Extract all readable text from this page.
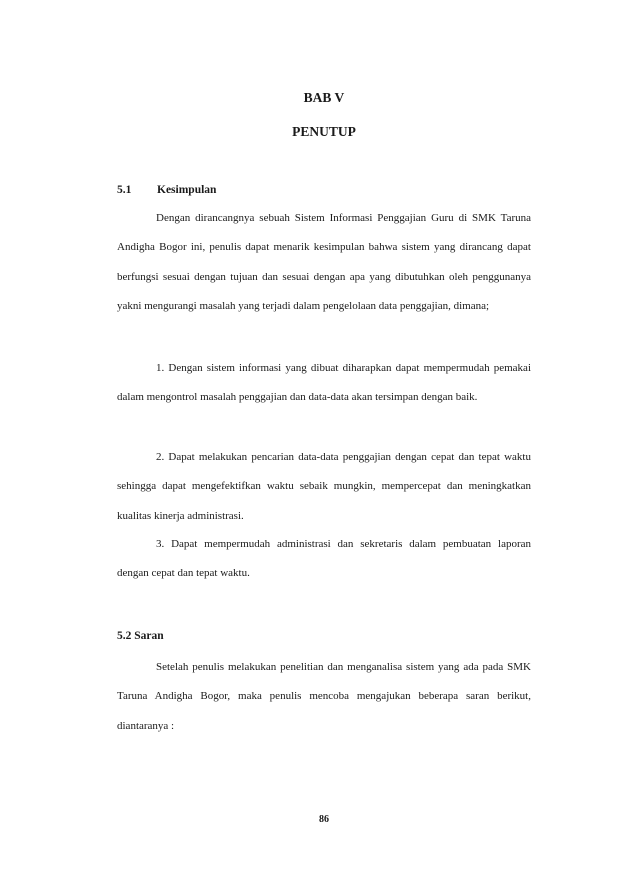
BAB V
PENUTUP
5.1 Kesimpulan

Dengan dirancangnya sebuah Sistem Informasi Penggajian Guru di SMK Taruna Andigha Bogor ini, penulis dapat menarik kesimpulan bahwa sistem yang dirancang dapat berfungsi sesuai dengan tujuan dan sesuai dengan apa yang dibutuhkan oleh penggunanya yakni mengurangi masalah yang terjadi dalam pengelolaan data penggajian, dimana;

1. Dengan sistem informasi yang dibuat diharapkan dapat mempermudah pemakai dalam mengontrol masalah penggajian dan data-data akan tersimpan dengan baik.

2. Dapat melakukan pencarian data-data penggajian dengan cepat dan tepat waktu sehingga dapat mengefektifkan waktu sebaik mungkin, mempercepat dan meningkatkan kualitas kinerja administrasi.

3. Dapat mempermudah administrasi dan sekretaris dalam pembuatan laporan dengan cepat dan tepat waktu.

5.2 Saran

Setelah penulis melakukan penelitian dan menganalisa sistem yang ada pada SMK Taruna Andigha Bogor, maka penulis mencoba mengajukan beberapa saran berikut, diantaranya :

86
